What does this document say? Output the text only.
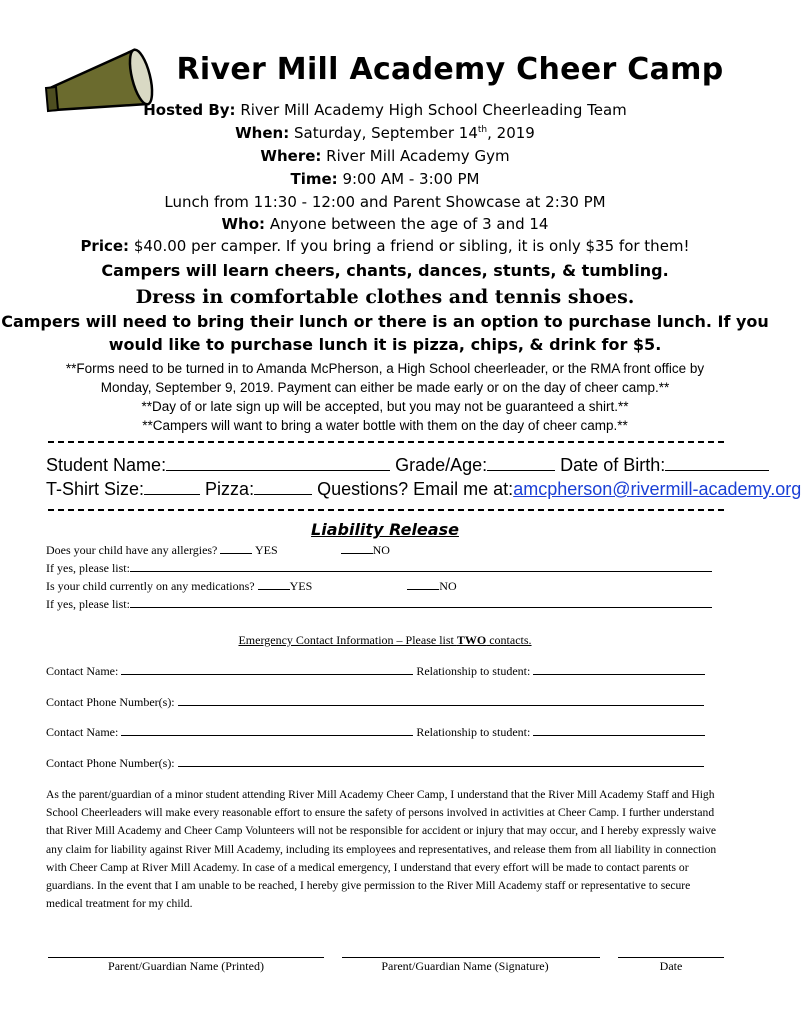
River Mill Academy Cheer Camp
Hosted By: River Mill Academy High School Cheerleading Team
When: Saturday, September 14th, 2019
Where: River Mill Academy Gym
Time: 9:00 AM - 3:00 PM
Lunch from 11:30 - 12:00 and Parent Showcase at 2:30 PM
Who: Anyone between the age of 3 and 14
Price: $40.00 per camper. If you bring a friend or sibling, it is only $35 for them!
Campers will learn cheers, chants, dances, stunts, & tumbling.
Dress in comfortable clothes and tennis shoes.
Campers will need to bring their lunch or there is an option to purchase lunch. If you
would like to purchase lunch it is pizza, chips, & drink for $5.
**Forms need to be turned in to Amanda McPherson, a High School cheerleader, or the RMA front office by
Monday, September 9, 2019. Payment can either be made early or on the day of cheer camp.**
**Day of or late sign up will be accepted, but you may not be guaranteed a shirt.**
**Campers will want to bring a water bottle with them on the day of cheer camp.**
Student Name:	Grade/Age:	Date of Birth:
T-Shirt Size:	Pizza:	Questions? Email me at:amcpherson@rivermill-academy.org
Liability Release
Does your child have any allergies?	YES	NO
If yes, please list:
Is your child currently on any medications?	YES	NO
If yes, please list:
Emergency Contact Information – Please list TWO contacts.
Contact Name:	Relationship to student:
Contact Phone Number(s):
Contact Name:	Relationship to student:
Contact Phone Number(s):
As the parent/guardian of a minor student attending River Mill Academy Cheer Camp, I understand that the River Mill Academy Staff and High School Cheerleaders will make every reasonable effort to ensure the safety of persons involved in activities at Cheer Camp. I further understand that River Mill Academy and Cheer Camp Volunteers will not be responsible for accident or injury that may occur, and I hereby expressly waive any claim for liability against River Mill Academy, including its employees and representatives, and release them from all liability in connection with Cheer Camp at River Mill Academy. In case of a medical emergency, I understand that every effort will be made to contact parents or guardians. In the event that I am unable to be reached, I hereby give permission to the River Mill Academy staff or representative to secure medical treatment for my child.
Parent/Guardian Name (Printed)	Parent/Guardian Name (Signature)	Date
